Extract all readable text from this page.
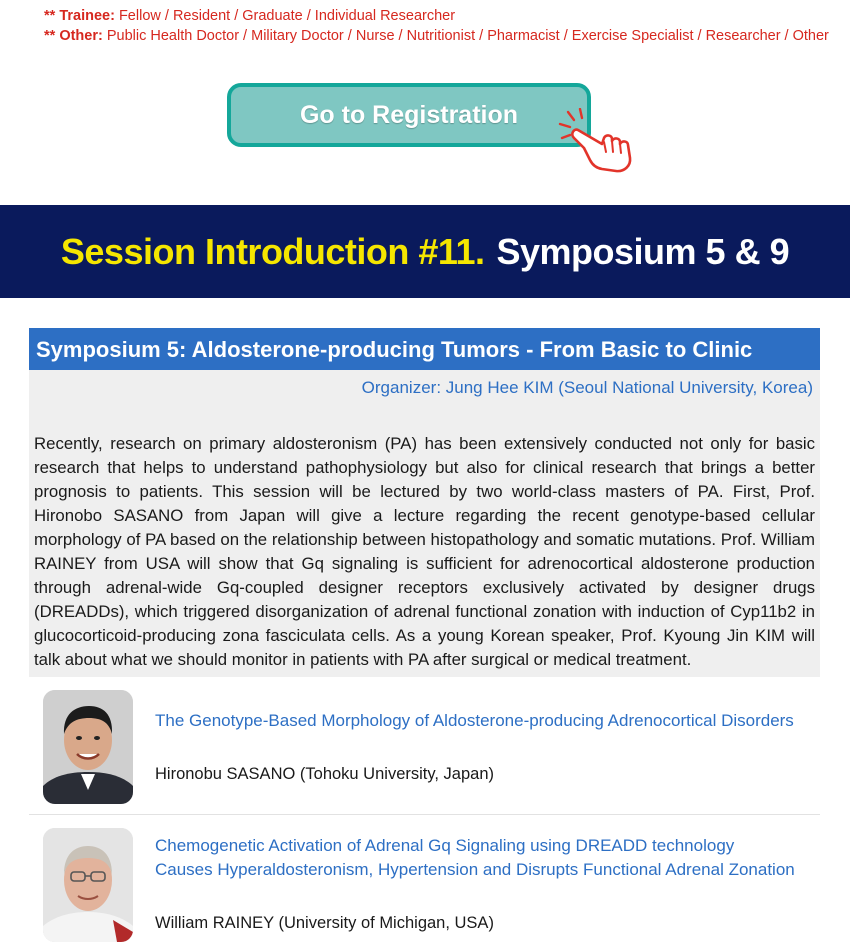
** Trainee: Fellow / Resident / Graduate / Individual Researcher
** Other: Public Health Doctor / Military Doctor / Nurse / Nutritionist / Pharmacist / Exercise Specialist / Researcher / Other
Go to Registration
Session Introduction #11. Symposium 5 & 9
Symposium 5: Aldosterone-producing Tumors - From Basic to Clinic
Organizer: Jung Hee KIM (Seoul National University, Korea)
Recently, research on primary aldosteronism (PA) has been extensively conducted not only for basic research that helps to understand pathophysiology but also for clinical research that brings a better prognosis to patients. This session will be lectured by two world-class masters of PA. First, Prof. Hironobo SASANO from Japan will give a lecture regarding the recent genotype-based cellular morphology of PA based on the relationship between histopathology and somatic mutations. Prof. William RAINEY from USA will show that Gq signaling is sufficient for adrenocortical aldosterone production through adrenal-wide Gq-coupled designer receptors exclusively activated by designer drugs (DREADDs), which triggered disorganization of adrenal functional zonation with induction of Cyp11b2 in glucocorticoid-producing zona fasciculata cells. As a young Korean speaker, Prof. Kyoung Jin KIM will talk about what we should monitor in patients with PA after surgical or medical treatment.
The Genotype-Based Morphology of Aldosterone-producing Adrenocortical Disorders
Hironobu SASANO (Tohoku University, Japan)
Chemogenetic Activation of Adrenal Gq Signaling using DREADD technology Causes Hyperaldosteronism, Hypertension and Disrupts Functional Adrenal Zonation
William RAINEY (University of Michigan, USA)
